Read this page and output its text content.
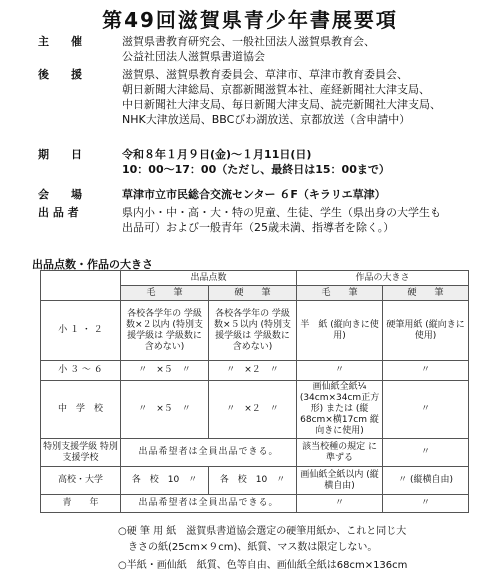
第49回滋賀県青少年書展要項
主　　催	滋賀県書教育研究会、一般社団法人滋賀県教育会、
公益社団法人滋賀県書道協会
後　　援	滋賀県、滋賀県教育委員会、草津市、草津市教育委員会、
朝日新聞大津総局、京都新聞滋賀本社、産経新聞社大津支局、
中日新聞社大津支局、毎日新聞大津支局、読売新聞社大津支局、
NHK大津放送局、BBCびわ湖放送、京都放送（含申請中）
期　　日	令和８年１月９日(金)〜１月11日(日)
10：00〜17：00（ただし、最終日は15：00まで）
会　　場	草津市立市民総合交流センター ６F（キラリエ草津）
出 品 者	県内小・中・高・大・特の児童、生徒、学生（県出身の大学生も
出品可）および一般青年（25歳未満、指導者を除く。）
出品点数・作品の大きさ
	出品点数		作品の大きさ	
	毛　　筆	硬　　筆	毛　　筆	硬　　筆
小 １ ・ ２	各校各学年の 学級数×２以内 (特別支援学級は 学級数に含めない)	各校各学年の 学級数×５以内 (特別支援学級は 学級数に含めない)	半　紙 (縦向きに使用)	硬筆用紙 (縦向きに使用)
小 ３ 〜 ６	〃　×５　〃	〃　×２　〃	〃	〃
中　学　校	〃　×５　〃	〃　×２　〃	画仙紙全紙¼ (34cm×34cm正方形) または (縦68cm×横17cm 縦向きに使用)	〃
特別支援学級 特別支援学校	出品希望者は全員出品できる。		該当校種の規定 に準ずる	〃
高校・大学	各　校　10　〃	各　校　10　〃	画仙紙全紙以内 (縦横自由)	〃 (縦横自由)
青　　年	出品希望者は全員出品できる。		〃	〃
○硬 筆 用 紙　滋賀県書道協会選定の硬筆用紙か、これと同じ大
　きさの紙(25cm×９cm)、紙質、マス数は限定しない。
○半紙・画仙紙　紙質、色等自由、画仙紙全紙は68cm×136cm
